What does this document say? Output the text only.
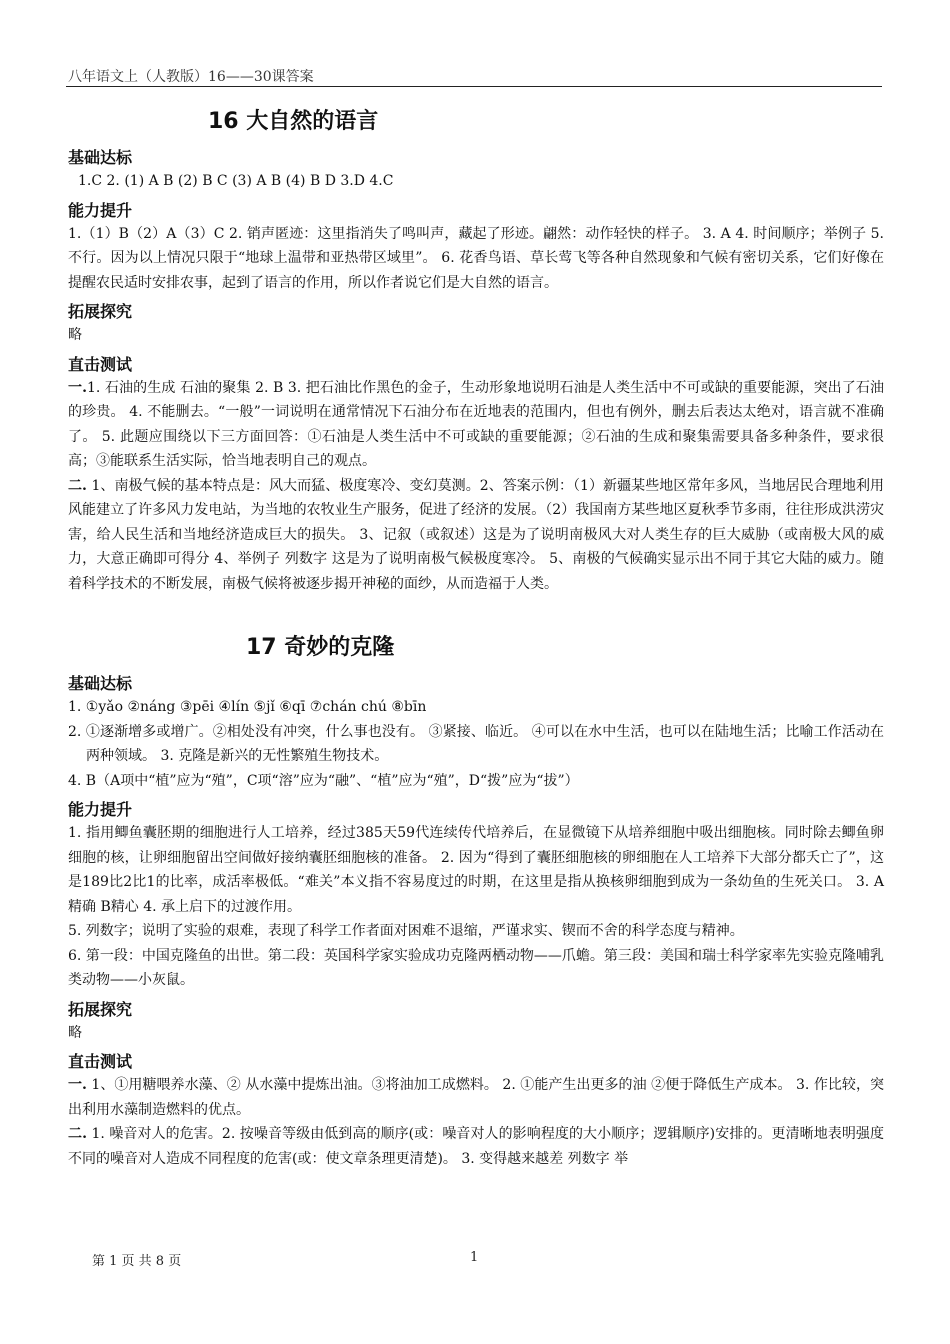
八年语文上（人教版）16——30课答案
16 大自然的语言
基础达标

1.C 2. (1) A B (2) B C (3) A B (4) B D 3.D 4.C

能力提升

1.（1）B（2）A（3）C 2. 销声匿迹：这里指消失了鸣叫声，藏起了形迹。翩然：动作轻快的样子。 3. A 4. 时间顺序；举例子 5. 不行。因为以上情况只限于“地球上温带和亚热带区域里”。 6. 花香鸟语、草长莺飞等各种自然现象和气候有密切关系，它们好像在提醒农民适时安排农事，起到了语言的作用，所以作者说它们是大自然的语言。

拓展探究

略

直击测试

一.1. 石油的生成 石油的聚集 2. B 3. 把石油比作黑色的金子，生动形象地说明石油是人类生活中不可或缺的重要能源，突出了石油的珍贵。 4. 不能删去。“一般”一词说明在通常情况下石油分布在近地表的范围内，但也有例外，删去后表达太绝对，语言就不准确了。 5. 此题应围绕以下三方面回答：①石油是人类生活中不可或缺的重要能源；②石油的生成和聚集需要具备多种条件，要求很高；③能联系生活实际，恰当地表明自己的观点。

二. 1、南极气候的基本特点是：风大而猛、极度寒冷、变幻莫测。2、答案示例：（1）新疆某些地区常年多风，当地居民合理地利用风能建立了许多风力发电站，为当地的农牧业生产服务，促进了经济的发展。（2）我国南方某些地区夏秋季节多雨，往往形成洪涝灾害，给人民生活和当地经济造成巨大的损失。 3、记叙（或叙述）这是为了说明南极风大对人类生存的巨大威胁（或南极大风的威力，大意正确即可得分 4、举例子 列数字 这是为了说明南极气候极度寒冷。 5、南极的气候确实显示出不同于其它大陆的威力。随着科学技术的不断发展，南极气候将被逐步揭开神秘的面纱，从而造福于人类。

17 奇妙的克隆
基础达标

1. ①yǎo ②náng ③pēi ④lín ⑤jǐ ⑥qī ⑦chán chú ⑧bīn

2. ①逐渐增多或增广。②相处没有冲突，什么事也没有。 ③紧接、临近。 ④可以在水中生活，也可以在陆地生活；比喻工作活动在两种领域。 3. 克隆是新兴的无性繁殖生物技术。

4. B（A项中“植”应为“殖”，C项“溶”应为“融”、“植”应为“殖”，D“拨”应为“拔”）

能力提升

1. 指用鲫鱼囊胚期的细胞进行人工培养，经过385天59代连续传代培养后，在显微镜下从培养细胞中吸出细胞核。同时除去鲫鱼卵细胞的核，让卵细胞留出空间做好接纳囊胚细胞核的准备。 2. 因为“得到了囊胚细胞核的卵细胞在人工培养下大部分都夭亡了”，这是189比2比1的比率，成活率极低。“难关”本义指不容易度过的时期，在这里是指从换核卵细胞到成为一条幼鱼的生死关口。 3. A精确 B精心 4. 承上启下的过渡作用。

5. 列数字；说明了实验的艰难，表现了科学工作者面对困难不退缩，严谨求实、锲而不舍的科学态度与精神。

6. 第一段：中国克隆鱼的出世。第二段：英国科学家实验成功克隆两栖动物——爪蟾。第三段：美国和瑞士科学家率先实验克隆哺乳类动物——小灰鼠。

拓展探究

略

直击测试

一. 1、①用糖喂养水藻、② 从水藻中提炼出油。③将油加工成燃料。 2. ①能产生出更多的油 ②便于降低生产成本。 3. 作比较，突出利用水藻制造燃料的优点。

二. 1. 噪音对人的危害。2. 按噪音等级由低到高的顺序(或：噪音对人的影响程度的大小顺序；逻辑顺序)安排的。更清晰地表明强度不同的噪音对人造成不同程度的危害(或：使文章条理更清楚)。 3. 变得越来越差 列数字 举

第 1 页 共 8 页	1
